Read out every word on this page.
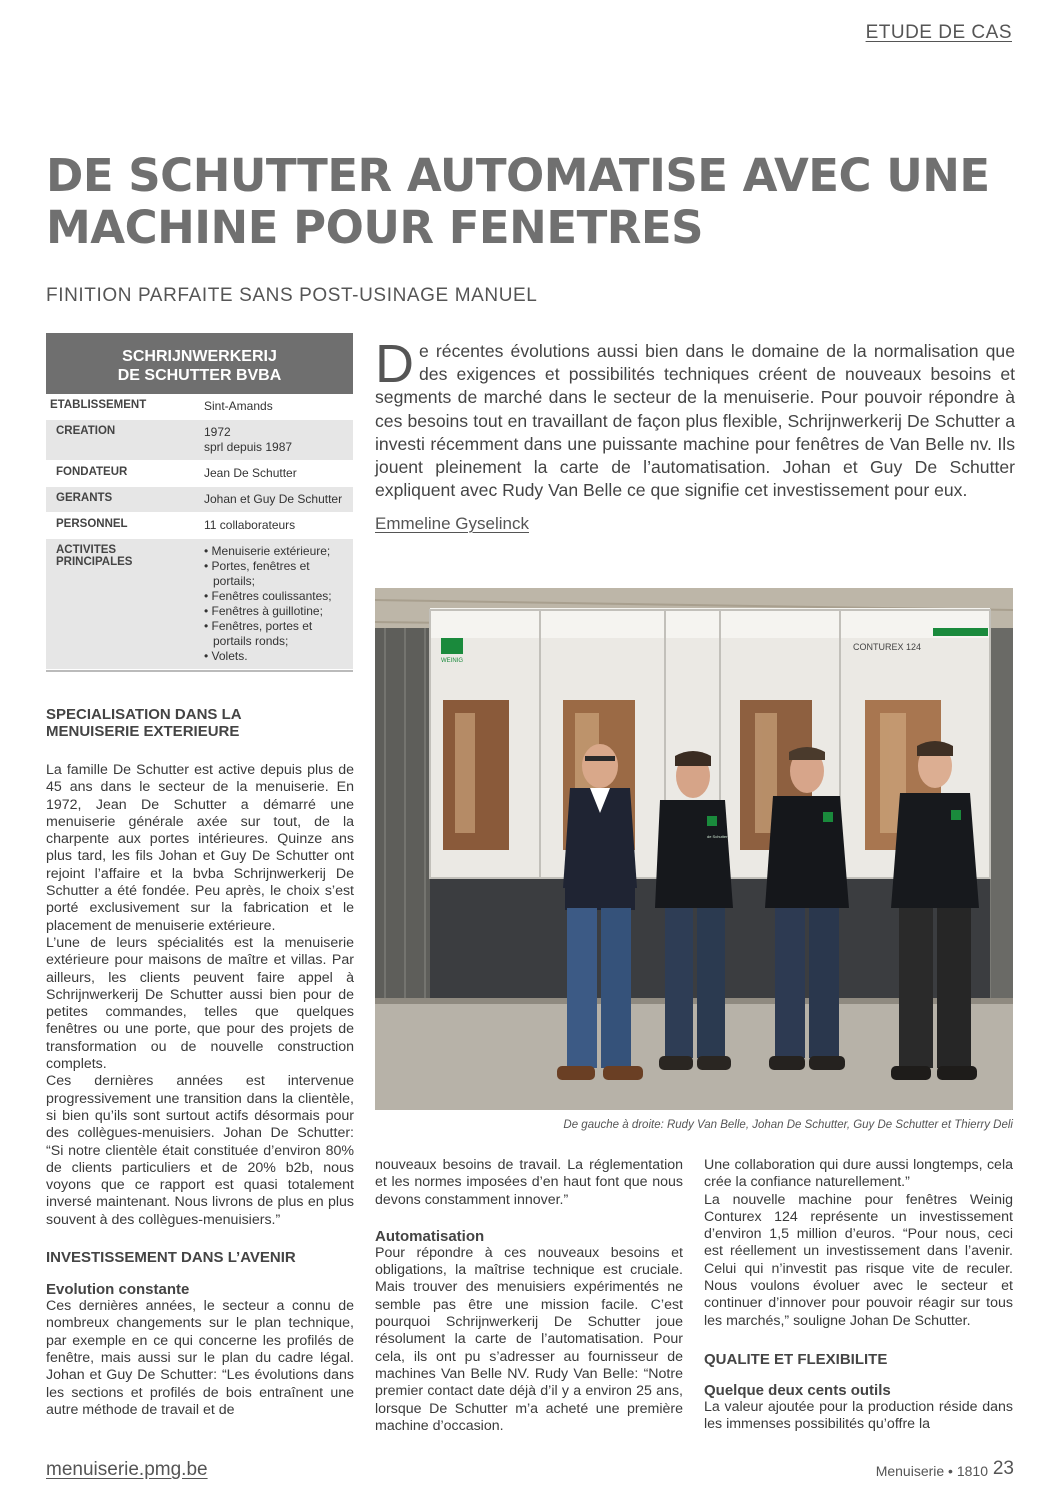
ETUDE DE CAS
DE SCHUTTER AUTOMATISE AVEC UNE
MACHINE POUR FENETRES
FINITION PARFAITE SANS POST-USINAGE MANUEL
SCHRIJNWERKERIJ
DE SCHUTTER BVBA
ETABLISSEMENT	Sint-Amands
CREATION	1972
sprl depuis 1987
FONDATEUR	Jean De Schutter
GERANTS	Johan et Guy De Schutter
PERSONNEL	11 collaborateurs
ACTIVITES PRINCIPALES
• Menuiserie extérieure;
• Portes, fenêtres et portails;
• Fenêtres coulissantes;
• Fenêtres à guillotine;
• Fenêtres, portes et portails ronds;
• Volets.
De récentes évolutions aussi bien dans le domaine de la normalisation que des exigences et possibilités techniques créent de nouveaux besoins et segments de marché dans le secteur de la menuiserie. Pour pouvoir répondre à ces besoins tout en travaillant de façon plus flexible, Schrijnwerkerij De Schutter a investi récemment dans une puissante machine pour fenêtres de Van Belle nv. Ils jouent pleinement la carte de l’automatisation. Johan et Guy De Schutter expliquent avec Rudy Van Belle ce que signifie cet investissement pour eux.
Emmeline Gyselinck
WEINIG
CONTUREX 124
de Schutter
De gauche à droite: Rudy Van Belle, Johan De Schutter, Guy De Schutter et Thierry Deli
SPECIALISATION DANS LA MENUISERIE EXTERIEURE

La famille De Schutter est active depuis plus de 45 ans dans le secteur de la menuiserie. En 1972, Jean De Schutter a démarré une menuiserie générale axée sur tout, de la charpente aux portes intérieures. Quinze ans plus tard, les fils Johan et Guy De Schutter ont rejoint l’affaire et la bvba Schrijnwerkerij De Schutter a été fondée. Peu après, le choix s’est porté exclusivement sur la fabrication et le placement de menuiserie extérieure.

L’une de leurs spécialités est la menuiserie extérieure pour maisons de maître et villas. Par ailleurs, les clients peuvent faire appel à Schrijnwerkerij De Schutter aussi bien pour de petites commandes, telles que quelques fenêtres ou une porte, que pour des projets de transformation ou de nouvelle construction complets.

Ces dernières années est intervenue progressivement une transition dans la clientèle, si bien qu’ils sont surtout actifs désormais pour des collègues-menuisiers. Johan De Schutter: “Si notre clientèle était constituée d’environ 80% de clients particuliers et de 20% b2b, nous voyons que ce rapport est quasi totalement inversé maintenant. Nous livrons de plus en plus souvent à des collègues-menuisiers.”

INVESTISSEMENT DANS L’AVENIR
Evolution constante

Ces dernières années, le secteur a connu de nombreux changements sur le plan technique, par exemple en ce qui concerne les profilés de fenêtre, mais aussi sur le plan du cadre légal. Johan et Guy De Schutter: “Les évolutions dans les sections et profilés de bois entraînent une autre méthode de travail et de

nouveaux besoins de travail. La réglementation et les normes imposées d’en haut font que nous devons constamment innover.”

Automatisation

Pour répondre à ces nouveaux besoins et obligations, la maîtrise technique est cruciale. Mais trouver des menuisiers expérimentés ne semble pas être une mission facile. C’est pourquoi Schrijnwerkerij De Schutter joue résolument la carte de l’automatisation. Pour cela, ils ont pu s’adresser au fournisseur de machines Van Belle NV. Rudy Van Belle: “Notre premier contact date déjà d’il y a environ 25 ans, lorsque De Schutter m’a acheté une première machine d’occasion.

Une collaboration qui dure aussi longtemps, cela crée la confiance naturellement.”

La nouvelle machine pour fenêtres Weinig Conturex 124 représente un investissement d’environ 1,5 million d’euros. “Pour nous, ceci est réellement un investissement dans l’avenir. Celui qui n’investit pas risque vite de reculer. Nous voulons évoluer avec le secteur et continuer d’innover pour pouvoir réagir sur tous les marchés,” souligne Johan De Schutter.

QUALITE ET FLEXIBILITE
Quelque deux cents outils

La valeur ajoutée pour la production réside dans les immenses possibilités qu’offre la

menuiserie.pmg.be	Menuiserie • 1810 23
